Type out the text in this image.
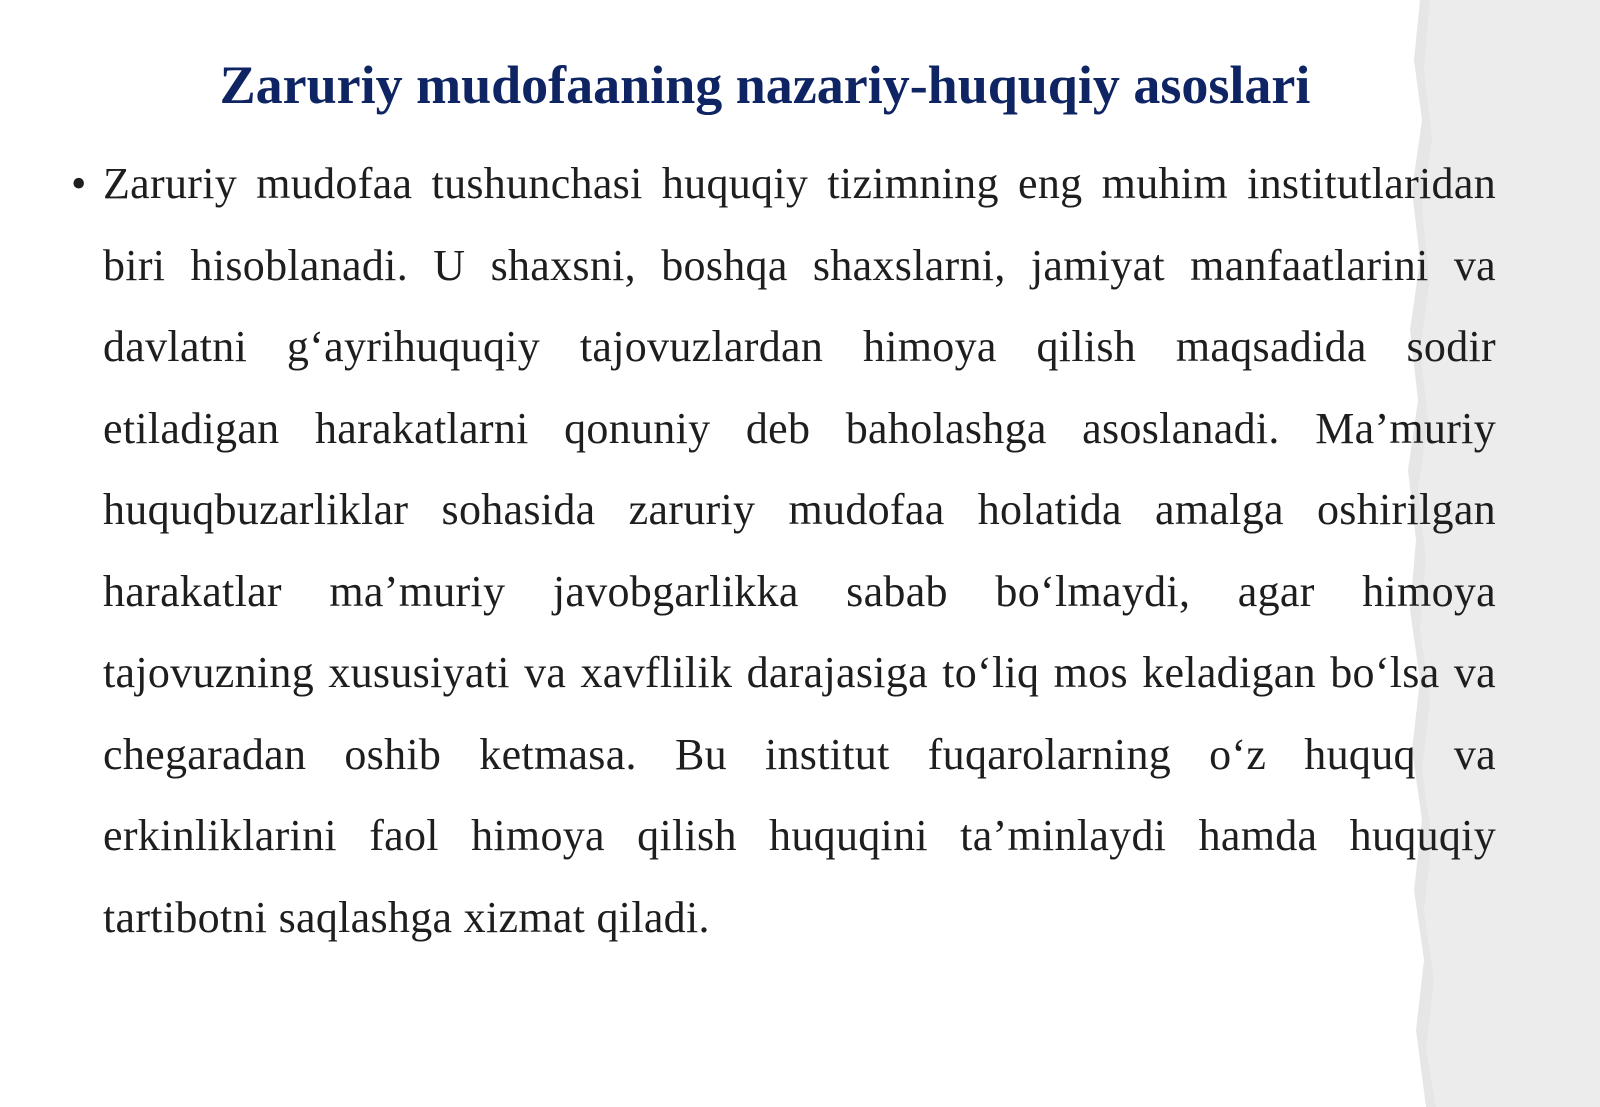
Zaruriy mudofaaning nazariy-huquqiy asoslari
• Zaruriy mudofaa tushunchasi huquqiy tizimning eng muhim institutlaridan biri hisoblanadi. U shaxsni, boshqa shaxslarni, jamiyat manfaatlarini va davlatni g‘ayrihuquqiy tajovuzlardan himoya qilish maqsadida sodir etiladigan harakatlarni qonuniy deb baholashga asoslanadi. Ma’muriy huquqbuzarliklar sohasida zaruriy mudofaa holatida amalga oshirilgan harakatlar ma’muriy javobgarlikka sabab bo‘lmaydi, agar himoya tajovuzning xususiyati va xavflilik darajasiga to‘liq mos keladigan bo‘lsa va chegaradan oshib ketmasa. Bu institut fuqarolarning o‘z huquq va erkinliklarini faol himoya qilish huquqini ta’minlaydi hamda huquqiy tartibotni saqlashga xizmat qiladi.
